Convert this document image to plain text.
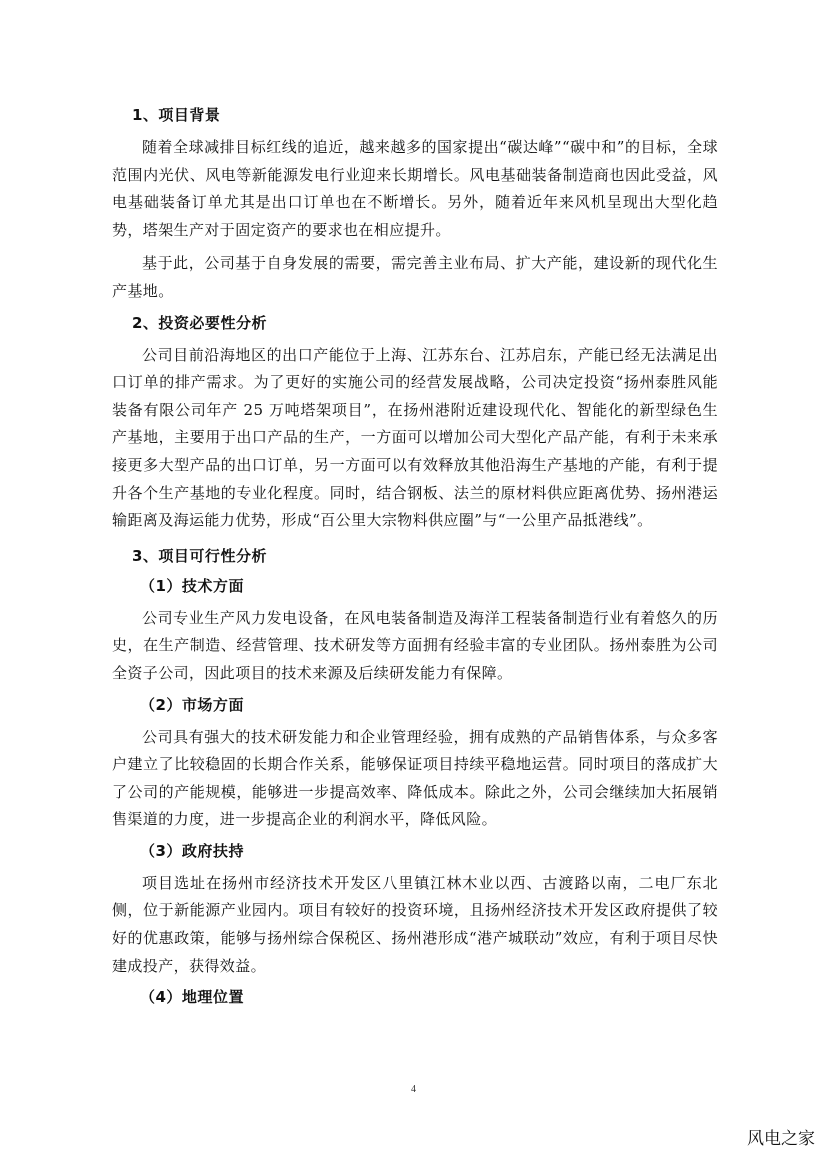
1、项目背景

随着全球减排目标红线的追近，越来越多的国家提出“碳达峰”“碳中和”的目标，全球范围内光伏、风电等新能源发电行业迎来长期增长。风电基础装备制造商也因此受益，风电基础装备订单尤其是出口订单也在不断增长。另外，随着近年来风机呈现出大型化趋势，塔架生产对于固定资产的要求也在相应提升。

基于此，公司基于自身发展的需要，需完善主业布局、扩大产能，建设新的现代化生产基地。

2、投资必要性分析

公司目前沿海地区的出口产能位于上海、江苏东台、江苏启东，产能已经无法满足出口订单的排产需求。为了更好的实施公司的经营发展战略，公司决定投资“扬州泰胜风能装备有限公司年产 25 万吨塔架项目”，在扬州港附近建设现代化、智能化的新型绿色生产基地，主要用于出口产品的生产，一方面可以增加公司大型化产品产能，有利于未来承接更多大型产品的出口订单，另一方面可以有效释放其他沿海生产基地的产能，有利于提升各个生产基地的专业化程度。同时，结合钢板、法兰的原材料供应距离优势、扬州港运输距离及海运能力优势，形成“百公里大宗物料供应圈”与“一公里产品抵港线”。

3、项目可行性分析
（1）技术方面

公司专业生产风力发电设备，在风电装备制造及海洋工程装备制造行业有着悠久的历史，在生产制造、经营管理、技术研发等方面拥有经验丰富的专业团队。扬州泰胜为公司全资子公司，因此项目的技术来源及后续研发能力有保障。

（2）市场方面

公司具有强大的技术研发能力和企业管理经验，拥有成熟的产品销售体系，与众多客户建立了比较稳固的长期合作关系，能够保证项目持续平稳地运营。同时项目的落成扩大了公司的产能规模，能够进一步提高效率、降低成本。除此之外，公司会继续加大拓展销售渠道的力度，进一步提高企业的利润水平，降低风险。

（3）政府扶持

项目选址在扬州市经济技术开发区八里镇江林木业以西、古渡路以南，二电厂东北侧，位于新能源产业园内。项目有较好的投资环境，且扬州经济技术开发区政府提供了较好的优惠政策，能够与扬州综合保税区、扬州港形成“港产城联动”效应，有利于项目尽快建成投产，获得效益。

（4）地理位置
4
风电之家
